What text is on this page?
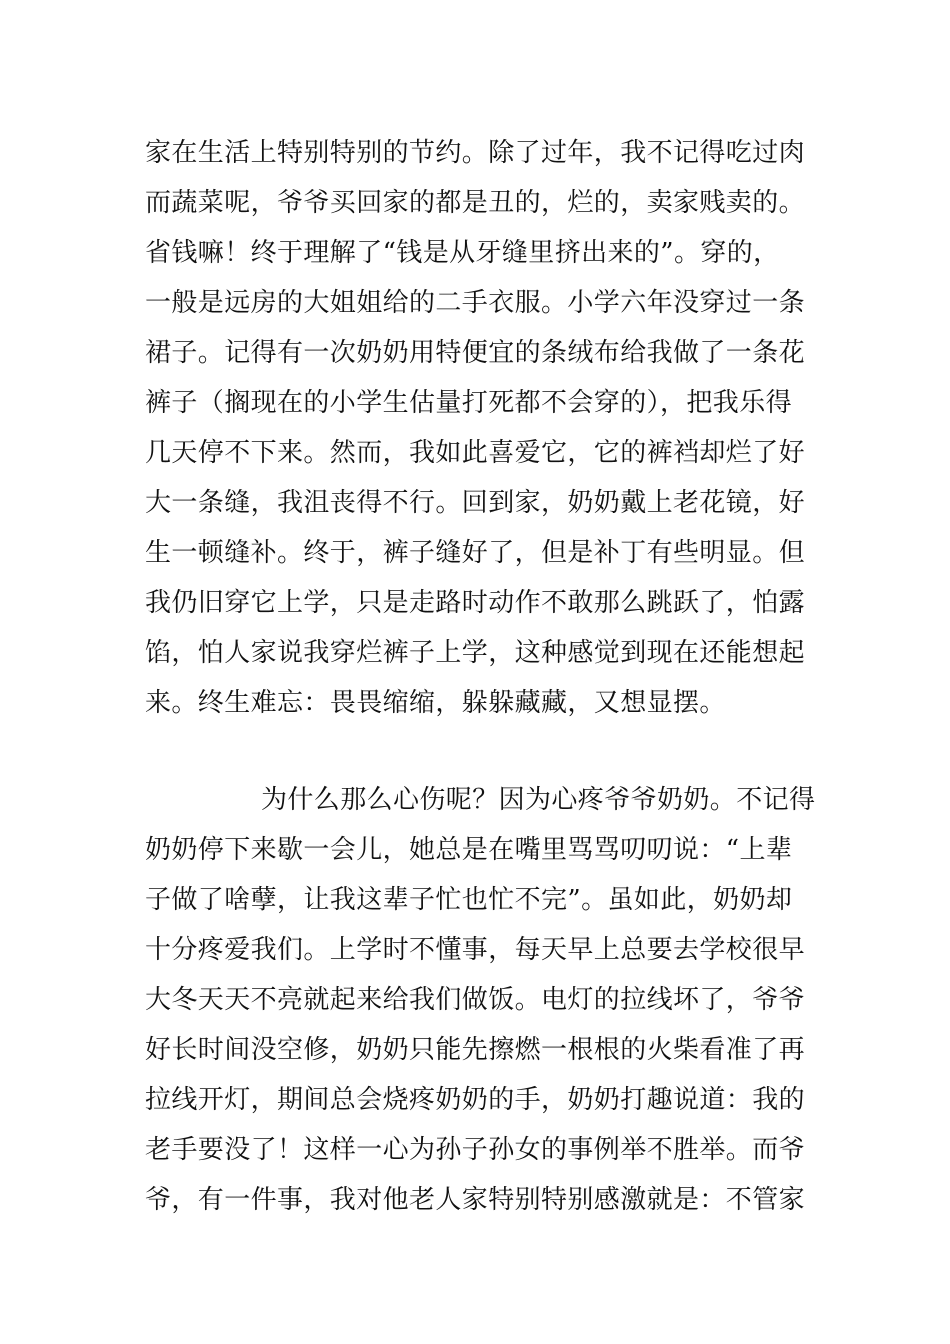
家在生活上特别特别的节约。除了过年，我不记得吃过肉
而蔬菜呢，爷爷买回家的都是丑的，烂的，卖家贱卖的。
省钱嘛！终于理解了“钱是从牙缝里挤出来的”。穿的，
一般是远房的大姐姐给的二手衣服。小学六年没穿过一条
裙子。记得有一次奶奶用特便宜的条绒布给我做了一条花
裤子（搁现在的小学生估量打死都不会穿的），把我乐得
几天停不下来。然而，我如此喜爱它，它的裤裆却烂了好
大一条缝，我沮丧得不行。回到家，奶奶戴上老花镜，好
生一顿缝补。终于，裤子缝好了，但是补丁有些明显。但
我仍旧穿它上学，只是走路时动作不敢那么跳跃了，怕露
馅，怕人家说我穿烂裤子上学，这种感觉到现在还能想起
来。终生难忘：畏畏缩缩，躲躲藏藏，又想显摆。
为什么那么心伤呢？因为心疼爷爷奶奶。不记得
奶奶停下来歇一会儿，她总是在嘴里骂骂叨叨说：“上辈
子做了啥孽，让我这辈子忙也忙不完”。虽如此，奶奶却
十分疼爱我们。上学时不懂事，每天早上总要去学校很早
大冬天天不亮就起来给我们做饭。电灯的拉线坏了，爷爷
好长时间没空修，奶奶只能先擦燃一根根的火柴看准了再
拉线开灯，期间总会烧疼奶奶的手，奶奶打趣说道：我的
老手要没了！这样一心为孙子孙女的事例举不胜举。而爷
爷，有一件事，我对他老人家特别特别感激就是：不管家
